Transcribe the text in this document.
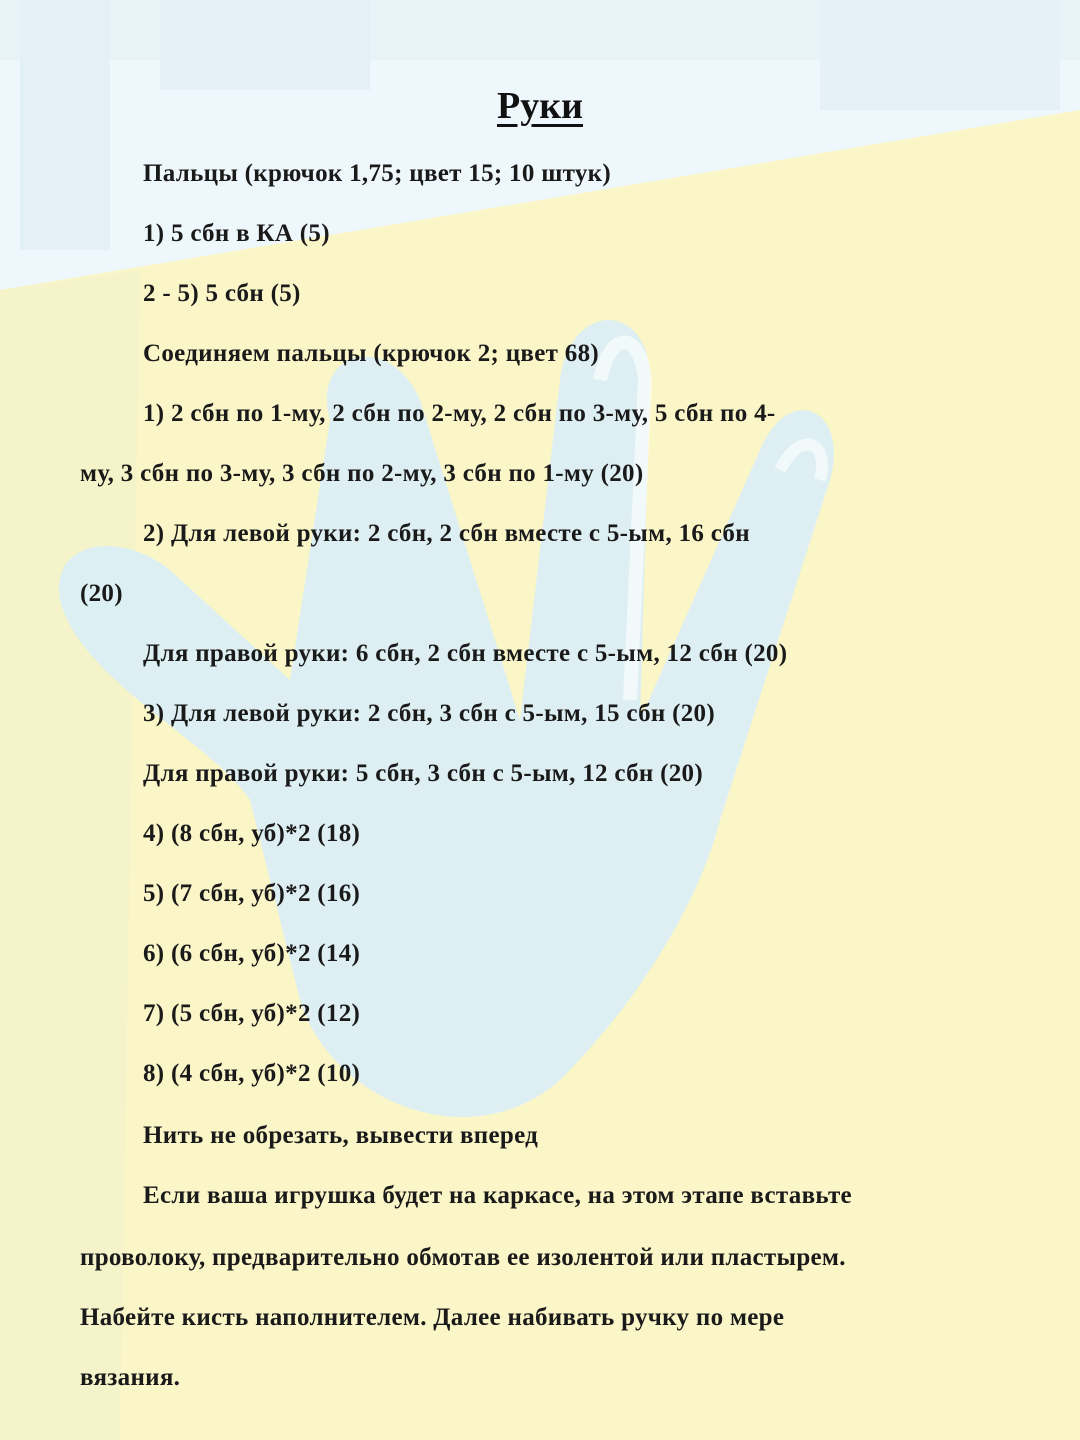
Руки
Пальцы (крючок 1,75; цвет 15; 10 штук)
1) 5 сбн в КА (5)
2 - 5) 5 сбн (5)
Соединяем пальцы (крючок 2; цвет 68)
1) 2 сбн по 1-му, 2 сбн по 2-му, 2 сбн по 3-му, 5 сбн по 4-
му, 3 сбн по 3-му, 3 сбн по 2-му, 3 сбн по 1-му (20)
2) Для левой руки: 2 сбн, 2 сбн вместе с 5-ым, 16 сбн
(20)
Для правой руки: 6 сбн, 2 сбн вместе с 5-ым, 12 сбн (20)
3) Для левой руки: 2 сбн, 3 сбн с 5-ым, 15 сбн (20)
Для правой руки: 5 сбн, 3 сбн с 5-ым, 12 сбн (20)
4) (8 сбн, уб)*2 (18)
5) (7 сбн, уб)*2 (16)
6) (6 сбн, уб)*2 (14)
7) (5 сбн, уб)*2 (12)
8) (4 сбн, уб)*2 (10)
Нить не обрезать, вывести вперед
Если ваша игрушка будет на каркасе, на этом этапе вставьте
проволоку, предварительно обмотав ее изолентой или пластырем.
Набейте кисть наполнителем. Далее набивать ручку по мере
вязания.
